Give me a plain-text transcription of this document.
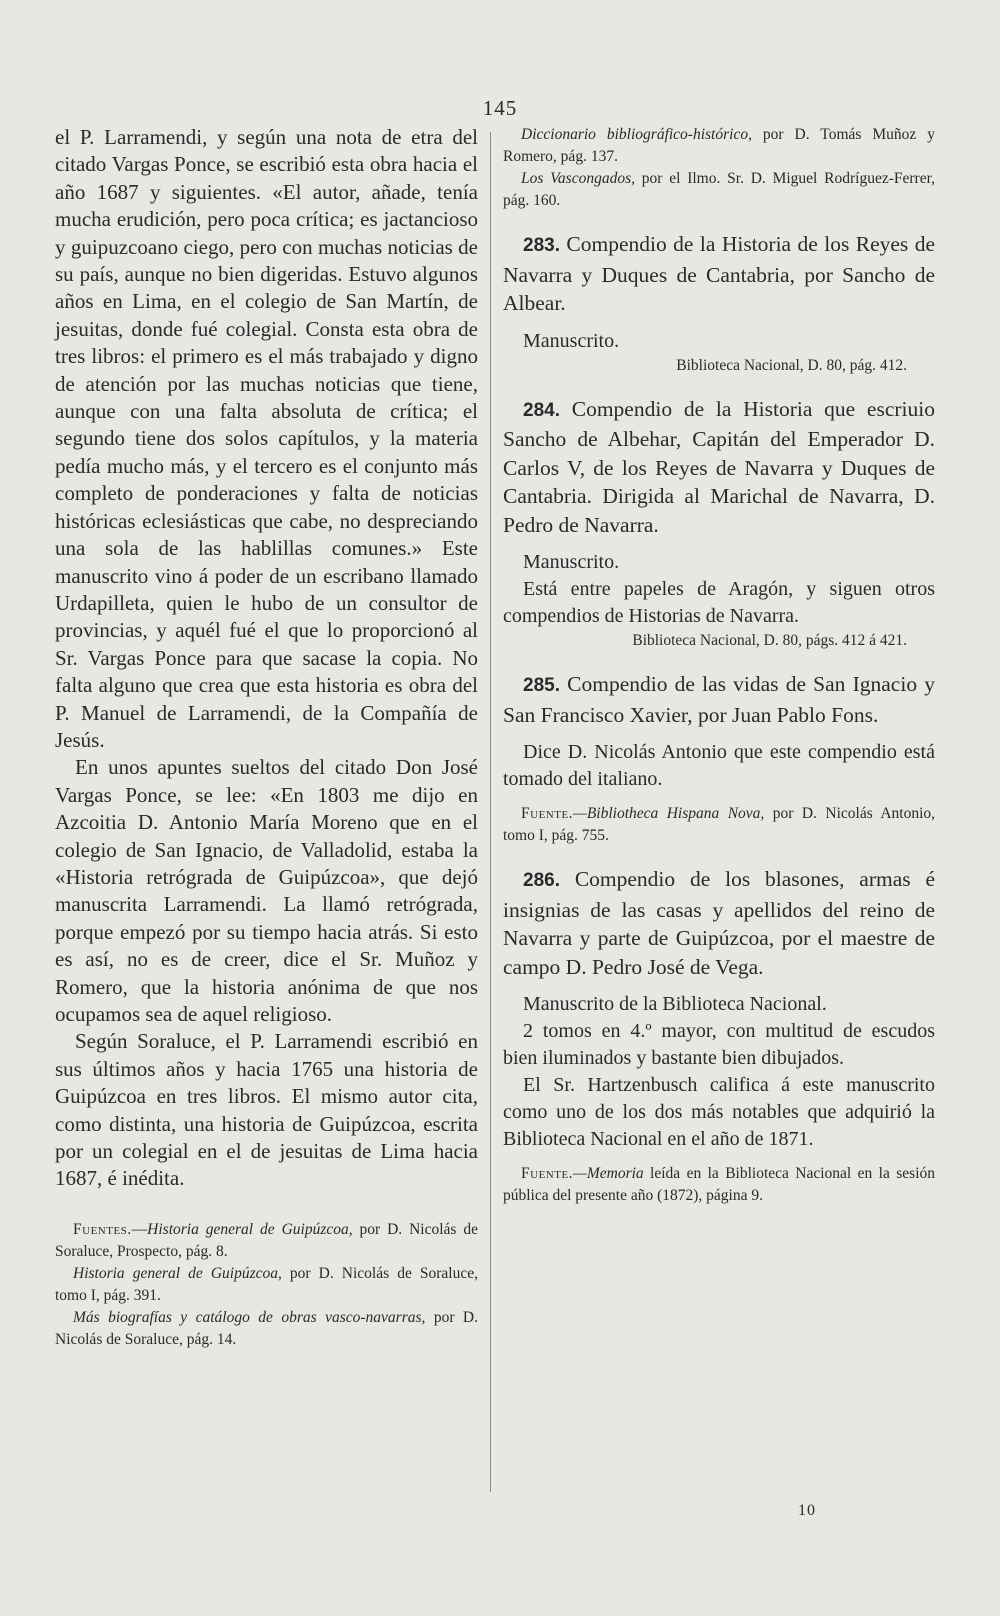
145

el P. Larramendi, y según una nota de etra del citado Vargas Ponce, se escribió esta obra hacia el año 1687 y siguientes. «El autor, añade, tenía mucha erudición, pero poca crítica; es jactancioso y guipuzcoano ciego, pero con muchas noticias de su país, aunque no bien digeridas. Estuvo algunos años en Lima, en el colegio de San Martín, de jesuitas, donde fué colegial. Consta esta obra de tres libros: el primero es el más trabajado y digno de atención por las muchas noticias que tiene, aunque con una falta absoluta de crítica; el segundo tiene dos solos capítulos, y la materia pedía mucho más, y el tercero es el conjunto más completo de ponderaciones y falta de noticias históricas eclesiásticas que cabe, no despreciando una sola de las hablillas comunes.» Este manuscrito vino á poder de un escribano llamado Urdapilleta, quien le hubo de un consultor de provincias, y aquél fué el que lo proporcionó al Sr. Vargas Ponce para que sacase la copia. No falta alguno que crea que esta historia es obra del P. Manuel de Larramendi, de la Compañía de Jesús.

En unos apuntes sueltos del citado Don José Vargas Ponce, se lee: «En 1803 me dijo en Azcoitia D. Antonio María Moreno que en el colegio de San Ignacio, de Valladolid, estaba la «Historia retrógrada de Guipúzcoa», que dejó manuscrita Larramendi. La llamó retrógrada, porque empezó por su tiempo hacia atrás. Si esto es así, no es de creer, dice el Sr. Muñoz y Romero, que la historia anónima de que nos ocupamos sea de aquel religioso.

Según Soraluce, el P. Larramendi escribió en sus últimos años y hacia 1765 una historia de Guipúzcoa en tres libros. El mismo autor cita, como distinta, una historia de Guipúzcoa, escrita por un colegial en el de jesuitas de Lima hacia 1687, é inédita.

Fuentes.—Historia general de Guipúzcoa, por D. Nicolás de Soraluce, Prospecto, pág. 8.

Historia general de Guipúzcoa, por D. Nicolás de Soraluce, tomo I, pág. 391.

Más biografías y catálogo de obras vasco-navarras, por D. Nicolás de Soraluce, pág. 14.

Diccionario bibliográfico-histórico, por D. Tomás Muñoz y Romero, pág. 137.

Los Vascongados, por el Ilmo. Sr. D. Miguel Rodríguez-Ferrer, pág. 160.

283. Compendio de la Historia de los Reyes de Navarra y Duques de Cantabria, por Sancho de Albear.

Manuscrito.

Biblioteca Nacional, D. 80, pág. 412.

284. Compendio de la Historia que escriuio Sancho de Albehar, Capitán del Emperador D. Carlos V, de los Reyes de Navarra y Duques de Cantabria. Dirigida al Marichal de Navarra, D. Pedro de Navarra.

Manuscrito.

Está entre papeles de Aragón, y siguen otros compendios de Historias de Navarra.

Biblioteca Nacional, D. 80, págs. 412 á 421.

285. Compendio de las vidas de San Ignacio y San Francisco Xavier, por Juan Pablo Fons.

Dice D. Nicolás Antonio que este compendio está tomado del italiano.

Fuente.—Bibliotheca Hispana Nova, por D. Nicolás Antonio, tomo I, pág. 755.

286. Compendio de los blasones, armas é insignias de las casas y apellidos del reino de Navarra y parte de Guipúzcoa, por el maestre de campo D. Pedro José de Vega.

Manuscrito de la Biblioteca Nacional.

2 tomos en 4.º mayor, con multitud de escudos bien iluminados y bastante bien dibujados.

El Sr. Hartzenbusch califica á este manuscrito como uno de los dos más notables que adquirió la Biblioteca Nacional en el año de 1871.

Fuente.—Memoria leída en la Biblioteca Nacional en la sesión pública del presente año (1872), página 9.

10
